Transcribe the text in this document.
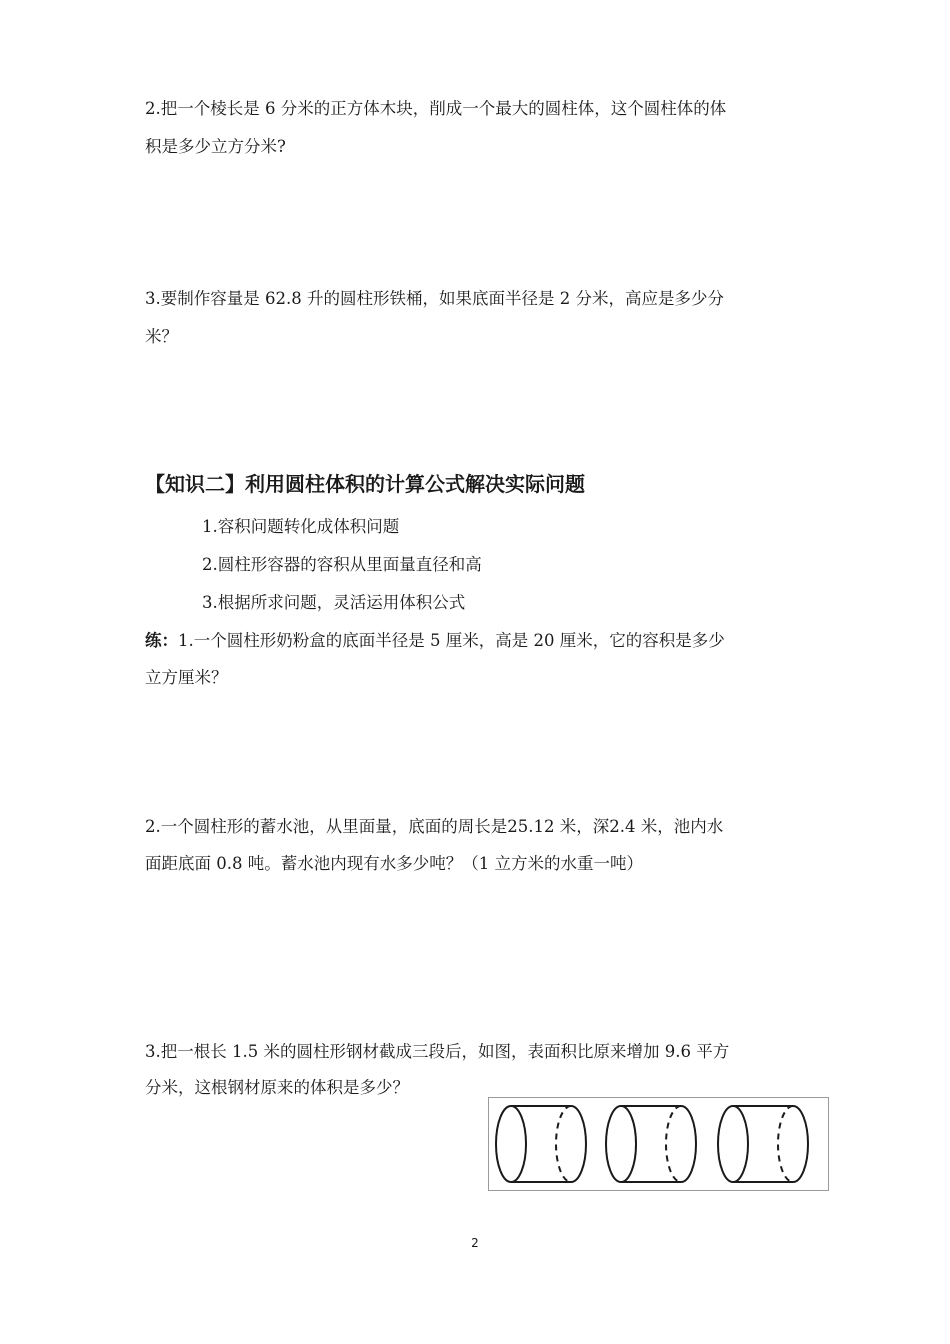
2.把一个棱长是 6 分米的正方体木块，削成一个最大的圆柱体，这个圆柱体的体
积是多少立方分米?
3.要制作容量是 62.8 升的圆柱形铁桶，如果底面半径是 2 分米，高应是多少分
米？
【知识二】利用圆柱体积的计算公式解决实际问题
1.容积问题转化成体积问题
2.圆柱形容器的容积从里面量直径和高
3.根据所求问题，灵活运用体积公式
练：1.一个圆柱形奶粉盒的底面半径是 5 厘米，高是 20 厘米，它的容积是多少
立方厘米？
2.一个圆柱形的蓄水池，从里面量，底面的周长是25.12 米，深2.4 米，池内水
面距底面 0.8 吨。蓄水池内现有水多少吨？（1 立方米的水重一吨）
3.把一根长 1.5 米的圆柱形钢材截成三段后，如图，表面积比原来增加 9.6 平方
分米，这根钢材原来的体积是多少？
2
